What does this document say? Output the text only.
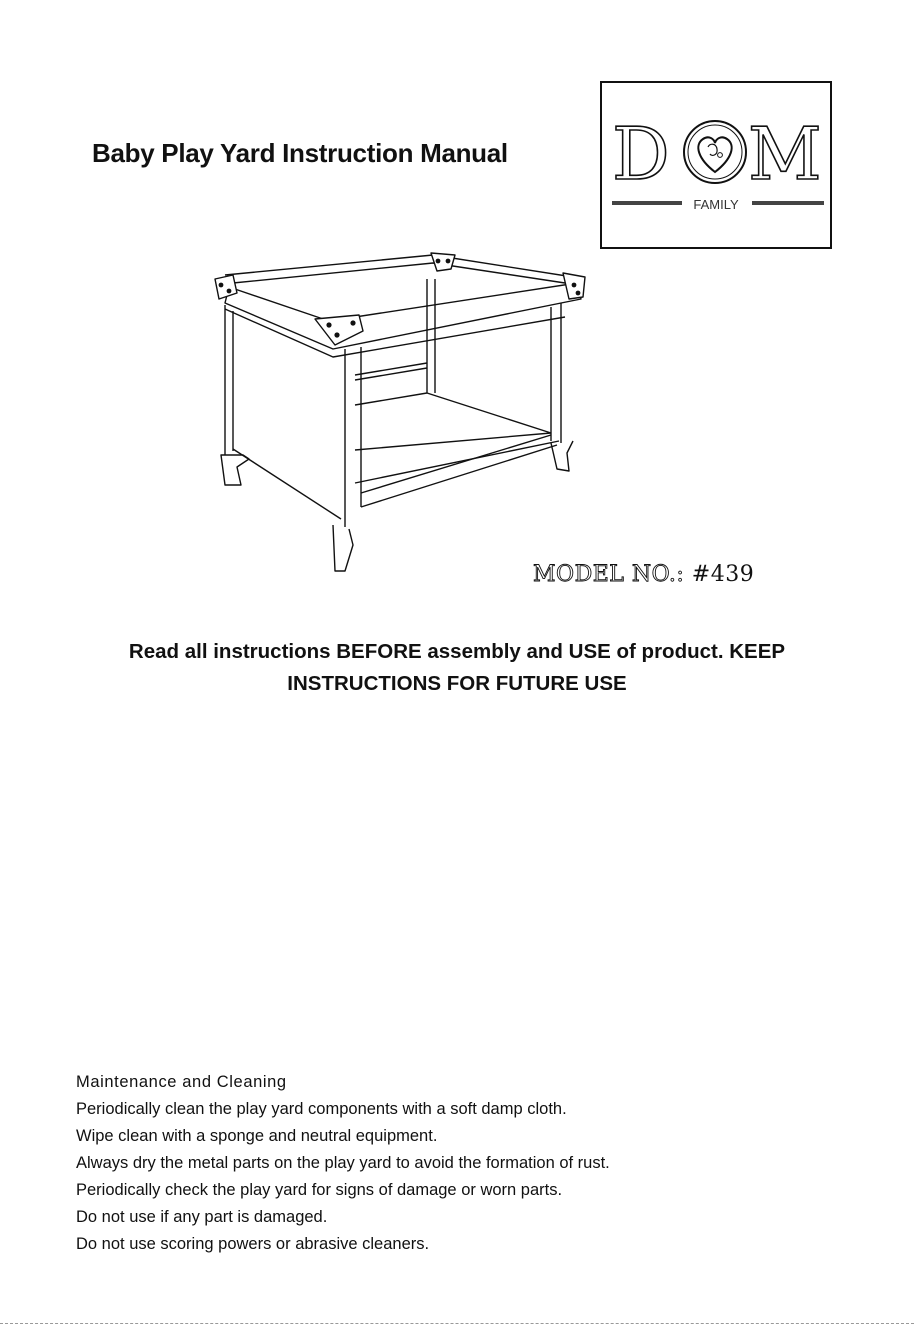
Baby Play Yard Instruction Manual D M
FAMILY
MODEL NO.: #439
Read all instructions BEFORE assembly and USE of product. KEEP
INSTRUCTIONS FOR FUTURE USE
Maintenance and Cleaning
Periodically clean the play yard components with a soft damp cloth.
Wipe clean with a sponge and neutral equipment.
Always dry the metal parts on the play yard to avoid the formation of rust.
Periodically check the play yard for signs of damage or worn parts.
Do not use if any part is damaged.
Do not use scoring powers or abrasive cleaners.
